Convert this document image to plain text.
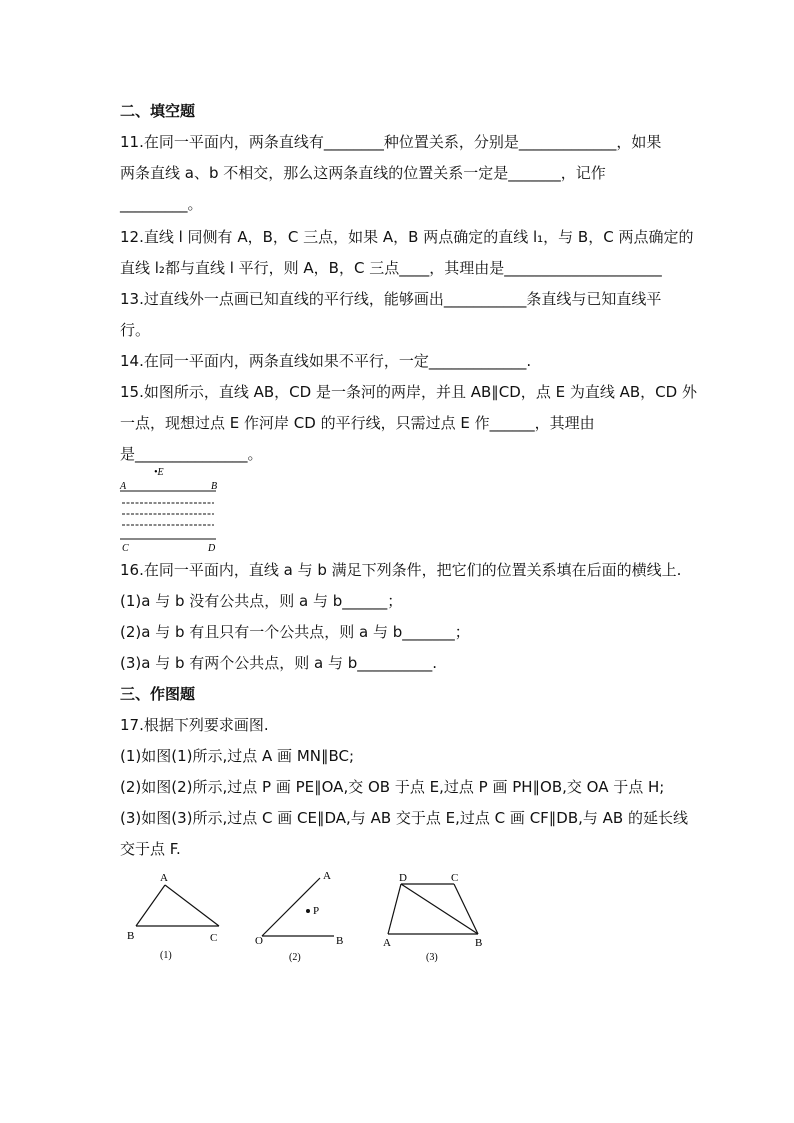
二、填空题
11.在同一平面内，两条直线有________种位置关系，分别是_____________，如果
两条直线 a、b 不相交，那么这两条直线的位置关系一定是_______，记作
_________。
12.直线 l 同侧有 A，B，C 三点，如果 A，B 两点确定的直线 l₁，与 B，C 两点确定的
直线 l₂都与直线 l 平行，则 A，B，C 三点____，其理由是_____________________
13.过直线外一点画已知直线的平行线，能够画出___________条直线与已知直线平
行。
14.在同一平面内，两条直线如果不平行，一定_____________.
15.如图所示，直线 AB，CD 是一条河的两岸，并且 AB∥CD，点 E 为直线 AB，CD 外
一点，现想过点 E 作河岸 CD 的平行线，只需过点 E 作______，其理由
是_______________。
•E
A	B
C	D
16.在同一平面内，直线 a 与 b 满足下列条件，把它们的位置关系填在后面的横线上.
(1)a 与 b 没有公共点，则 a 与 b______；
(2)a 与 b 有且只有一个公共点，则 a 与 b_______；
(3)a 与 b 有两个公共点，则 a 与 b__________.
三、作图题
17.根据下列要求画图.
(1)如图(1)所示,过点 A 画 MN∥BC;
(2)如图(2)所示,过点 P 画 PE∥OA,交 OB 于点 E,过点 P 画 PH∥OB,交 OA 于点 H;
(3)如图(3)所示,过点 C 画 CE∥DA,与 AB 交于点 E,过点 C 画 CF∥DB,与 AB 的延长线
交于点 F.
A
B	C
(1)
A
P
O	B
(2)
D	C
A	B
(3)
